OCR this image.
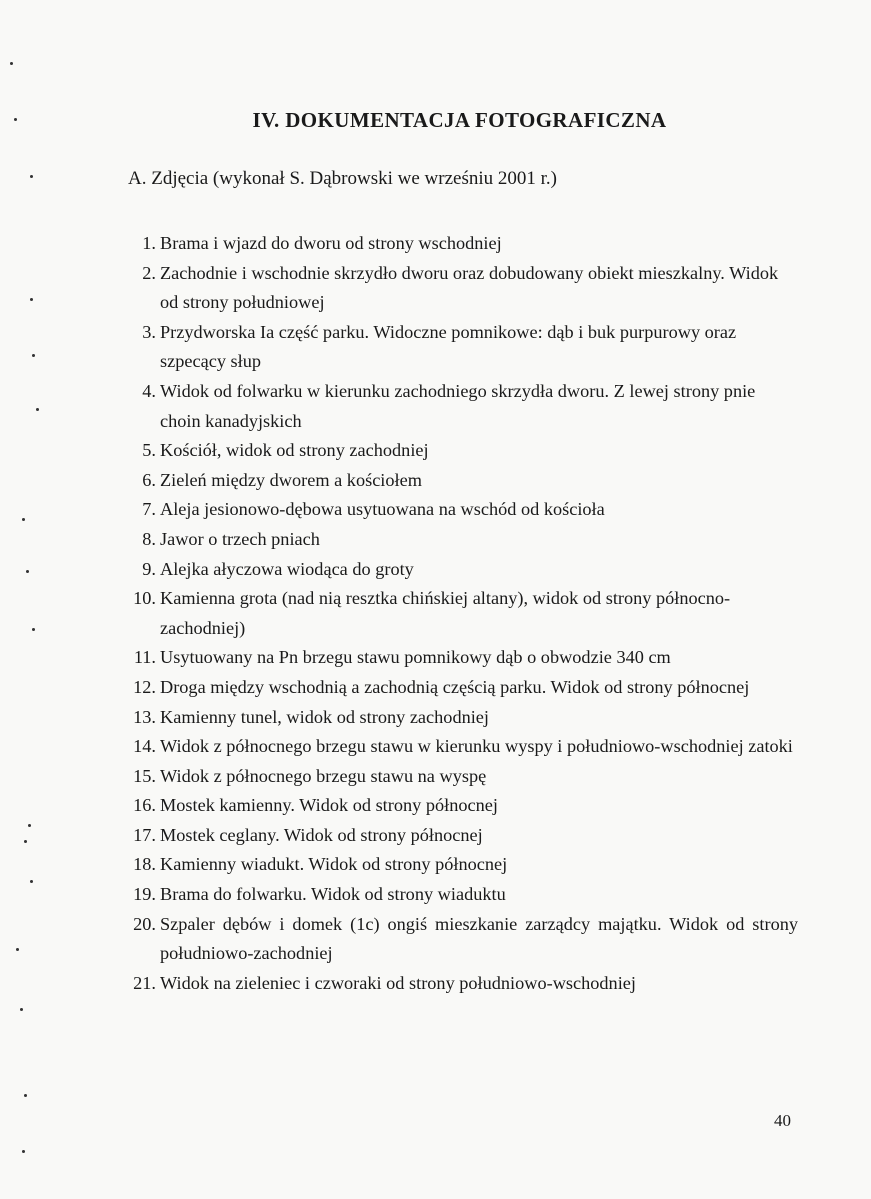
IV. DOKUMENTACJA FOTOGRAFICZNA
A. Zdjęcia (wykonał S. Dąbrowski we wrześniu 2001 r.)
1. Brama i wjazd do dworu od strony wschodniej
2. Zachodnie i wschodnie skrzydło dworu oraz dobudowany obiekt mieszkalny. Widok od strony południowej
3. Przydworska Ia część parku. Widoczne pomnikowe: dąb i buk purpurowy oraz szpecący słup
4. Widok od folwarku w kierunku zachodniego skrzydła dworu. Z lewej strony pnie choin kanadyjskich
5. Kościół, widok od strony zachodniej
6. Zieleń między dworem a kościołem
7. Aleja jesionowo-dębowa usytuowana na wschód od kościoła
8. Jawor o trzech pniach
9. Alejka ałyczowa wiodąca do groty
10. Kamienna grota (nad nią resztka chińskiej altany), widok od strony północno-zachodniej)
11. Usytuowany na Pn brzegu stawu pomnikowy dąb o obwodzie 340 cm
12. Droga między wschodnią a zachodnią częścią parku. Widok od strony północnej
13. Kamienny tunel, widok od strony zachodniej
14. Widok z północnego brzegu stawu w kierunku wyspy i południowo-wschodniej zatoki
15. Widok z północnego brzegu stawu na wyspę
16. Mostek kamienny. Widok od strony północnej
17. Mostek ceglany. Widok od strony północnej
18. Kamienny wiadukt. Widok od strony północnej
19. Brama do folwarku. Widok od strony wiaduktu
20. Szpaler dębów i domek (1c) ongiś mieszkanie zarządcy majątku. Widok od strony południowo-zachodniej
21. Widok na zieleniec i czworaki od strony południowo-wschodniej
40
